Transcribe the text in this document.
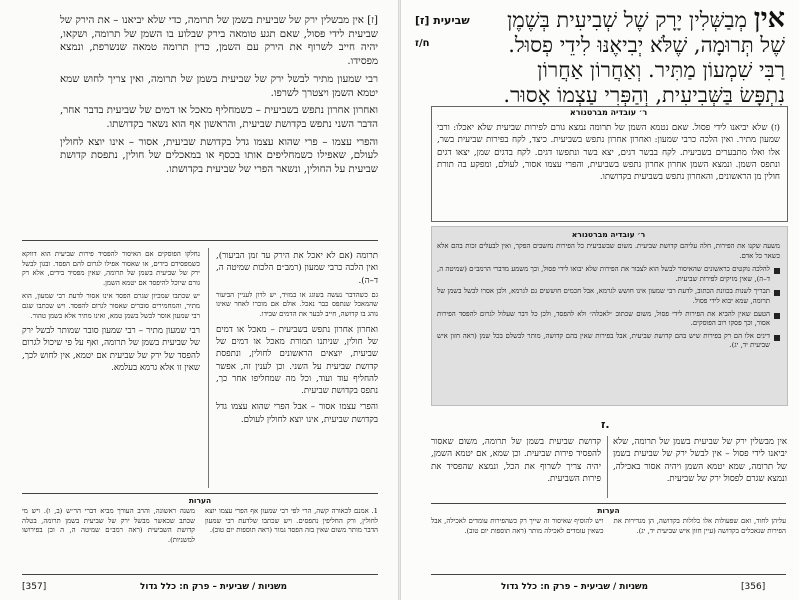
[ז] אין מבשלין ירק של שביעית בשמן של תרומה, כדי שלא יביאנו – את הירק של שביעית לידי פסול, שאם תגע טומאה בירק שבלוע בו השמן של תרומה, ושקאו, יהיה חייב לשרוף את הירק עם השמן, כדין תרומה טמאה שנשרפת, ונמצא מפסידו.

רבי שמעון מתיר לבשל ירק של שביעית בשמן של תרומה, ואין צריך לחוש שמא יטמא השמן ויצטרך לשרפו.

ואחרון אחרון נתפש בשביעית – כשמחליף מאכל או דמים של שביעית בדבר אחר, הדבר השני נתפש בקדושת שביעית, והראשון אף הוא נשאר בקדושתו.

והפרי עצמו – פרי שהוא עצמו גדל בקדושת שביעית, אסור – אינו יוצא לחולין לעולם, שאפילו כשמחליפים אותו בכסף או במאכלים של חולין, נתפסת קדושת שביעית על החולין, ונשאר הפרי של שביעית בקדושתו.

תרומה (אם לא יאכל את הירק עד זמן הביעור), ואין הלכה כרבי שמעון (רמב״ם הלכות שמיטה ה, ד–ה).

גם כשהדבר נעשה בשוגג או במזיד, יש לדון לעניין הביעור שהמאכל שנתפס כבר נאכל. אולם אם מוכרו לאחר שאינו נוהג בו קדושה, חייב לבער את הדמים שבידו.

ואחרון אחרון נתפש בשביעית – מאכל או דמים של חולין, שניתנו תמורת מאכל או דמים של שביעית, יוצאים הראשונים לחולין, ונתפסת קדושת שביעית על השני. וכן לענין זה, אפשר להחליף עוד ועוד, וכל מה שמחליפו אחר כך, נתפס בקדושת שביעית.

והפרי עצמו אסור – אבל הפרי שהוא עצמו גדל בקדושת שביעית, אינו יוצא לחולין לעולם.

נחלקו הפוסקים אם האיסור להפסיד פירות שביעית הוא דווקא כשמפסידם בידים, או שאסור אפילו לגרום להם הפסד. ובגון לבשל ירק של שביעית בשמן של תרומה, שאין מפסיד בידים, אלא רק גורם שיוכל להיפסד אם יטמא השמן.

יש שכתבו שמכיון שגרם הפסד אינו אסור לדעת רבי שמעון, הוא מתיר, והמחמירים סוברים שאסור לגרום להפסד. ויש שכתבו שגם רבי שמעון אוסר לבשל בשמן טמא, ואינו מתיר אלא בשמן טהור.

רבי שמעון מתיר – רבי שמעון סובר שמותר לבשל ירק של שביעית בשמן של תרומה, ואף על פי שיכול לגרום להפסד של ירק של שביעית אם יטמא, אין לחוש לכך, שאין זו אלא גרמא בעלמא.

הערות

1. אמנם לכאורה קשה, הרי לפי רבי שמעון אף הפרי עצמו יוצא לחולין, ורק החליפין נתפסים. ויש שכתבו שלדעת רבי שמעון הדבר מותר משום שאין בזה הפסד גמור (ראה תוספות יום טוב).

משנה ראשונה, והרב העורך מביא דברי הר״ש (ב, ו). ויש מי שכתב שכאשר מבשל ירק של שביעית בשמן תרומה, בטלה קדושת השביעית (ראה רמב״ם שמיטה ה, ה וכן בפירושו למשניות).

משניות / שביעית – פרק ח: כלל גדול
[357]
שביעית [ז]
ח/ז
אין מְבַשְּׁלִין יָרָק שֶׁל שְׁבִיעִית בְּשֶׁמֶן שֶׁל תְּרוּמָה, שֶׁלֹּא יְבִיאֶנּוּ לִידֵי פְסוּל. רַבִּי שִׁמְעוֹן מַתִּיר. וְאַחֲרוֹן אַחֲרוֹן נִתְפָּשׂ בַּשְּׁבִיעִית, וְהַפְּרִי עַצְמוֹ אָסוּר.
ר׳ עובדיה מברטנורא

(ז) שלא יביאנו לידי פסול. שאם נטמא השמן של תרומה נמצא גורם לפירות שביעית שלא יאכלו: ורבי שמעון מתיר. ואין הלכה כרבי שמעון: ואחרון אחרון נתפש בשביעית. כיצד, לקח בפירות שביעית בשר, אלו ואלו מתבערים בשביעית. לקח בבשר דגים, יצא בשר ונתפשו דגים. לקח בדגים שמן, יצאו דגים ונתפס השמן. ונמצא השמן אחרון אחרון נתפש בשביעית, והפרי עצמו אסור, לעולם, ומפקע בה תורת חולין מן הראשונים, והאחרון נתפש בשביעית בקדושתו.

ר׳ עובדיה מברטנורא

משעה שקנו את הפירות, חלה עליהם קדושת שביעית. משום שבשביעית כל הפירות נחשבים הפקר, ואין לבעלים זכות בהם אלא כשאר כל אדם.

להלכה נוקטים כראשונים שהאיסור לבשל הוא לצבור את הפירות שלא יבואו לידי פסול, וכך משמע מדברי הרמב״ם (שמיטה ה, ד–ה), שאין מזיקים לפירות שביעית.
תבריך לשנות בכוונת הכתוב, לדעת רבי שמעון אינו חושש לגרמא, אבל חכמים חוששים גם לגרמא, ולכן אסרו לבשל בשמן של תרומה, שמא יבוא לידי פסול.
הטעם שאין להביא את הפירות לידי פסול, משום שכתוב ״לאכלה״ ולא להפסד, ולכן כל דבר שעלול לגרום להפסד הפירות אסור, וכך פסקו רוב הפוסקים.
דינים אלו הם רק בפירות שיש בהם קדושת שביעית, אבל בפירות שאין בהם קדושה, מותר לבשלם בכל שמן (ראה חזון איש שביעית יד, יג).
ז.

אין מבשלין ירק של שביעית בשמן של תרומה, שלא יביאנו לידי פסול – אין לבשל ירק של שביעית בשמן של תרומה, שמא יטמא השמן ויהיה אסור באכילה, ונמצא שגרם לפסול ירק של שביעית.

קדושת שביעית בשמן של תרומה, משום שאסור להפסיד פירות שביעית. וכן שמא, אם יטמא השמן, יהיה צריך לשרוף את הכל, ונמצא שהפסיד את פירות השביעית.

הערות

עליהן לחוד, ואם שפעולות אלו כלולות בקדושה, הן מגדירות את הפירות שנאכלים בקדושה (עיין חזון איש שביעית יד, יג).

ויש להוסיף שאיסור זה שייך רק כשהפירות עומדים לאכילה, אבל כשאין עומדים לאכילה מותר (ראה תוספות יום טוב).

משניות / שביעית – פרק ח: כלל גדול	[356]
